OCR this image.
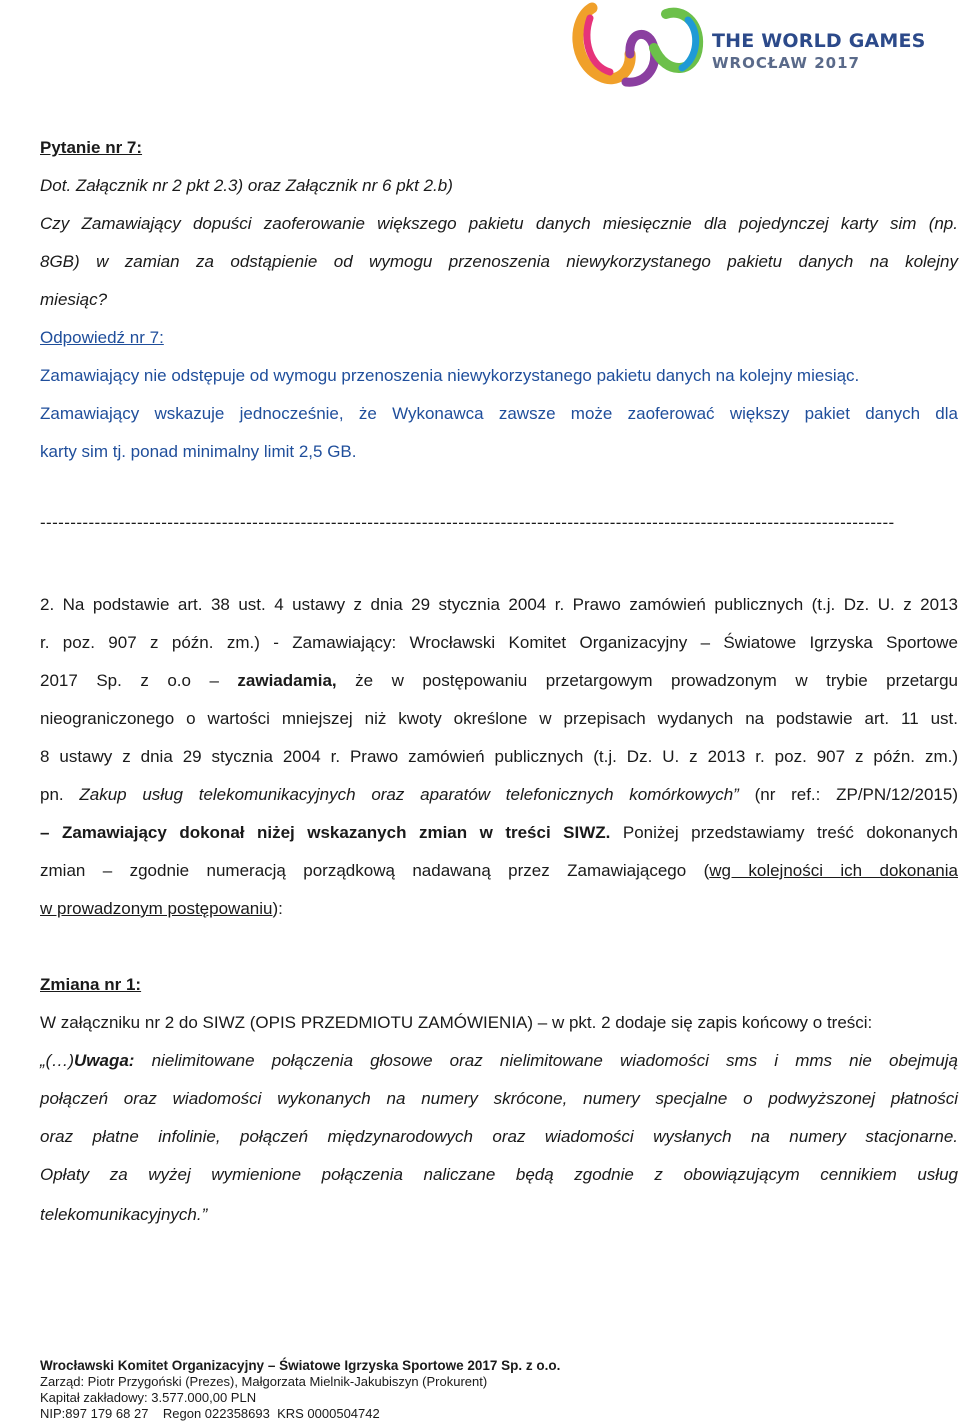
THE WORLD GAMES
WROCŁAW 2017
Pytanie nr 7:
Dot. Załącznik nr 2 pkt 2.3) oraz Załącznik nr 6 pkt 2.b)
Czy Zamawiający dopuści zaoferowanie większego pakietu danych miesięcznie dla pojedynczej karty sim (np.
8GB) w zamian za odstąpienie od wymogu przenoszenia niewykorzystanego pakietu danych na kolejny
miesiąc?
Odpowiedź nr 7:
Zamawiający nie odstępuje od wymogu przenoszenia niewykorzystanego pakietu danych na kolejny miesiąc.
Zamawiający wskazuje jednocześnie, że Wykonawca zawsze może zaoferować większy pakiet danych dla
karty sim tj. ponad minimalny limit 2,5 GB.
---------------------------------------------------------------------------------------------------------------------------------------------
2. Na podstawie art. 38 ust. 4 ustawy z dnia 29 stycznia 2004 r. Prawo zamówień publicznych (t.j. Dz. U. z 2013
r. poz. 907 z późn. zm.) - Zamawiający: Wrocławski Komitet Organizacyjny – Światowe Igrzyska Sportowe
2017 Sp. z o.o – zawiadamia, że w postępowaniu przetargowym prowadzonym w trybie przetargu
nieograniczonego o wartości mniejszej niż kwoty określone w przepisach wydanych na podstawie art. 11 ust.
8 ustawy z dnia 29 stycznia 2004 r. Prawo zamówień publicznych (t.j. Dz. U. z 2013 r. poz. 907 z późn. zm.)
pn. Zakup usług telekomunikacyjnych oraz aparatów telefonicznych komórkowych” (nr ref.: ZP/PN/12/2015)
– Zamawiający dokonał niżej wskazanych zmian w treści SIWZ. Poniżej przedstawiamy treść dokonanych
zmian – zgodnie numeracją porządkową nadawaną przez Zamawiającego (wg kolejności ich dokonania
w prowadzonym postępowaniu):
Zmiana nr 1:
W załączniku nr 2 do SIWZ (OPIS PRZEDMIOTU ZAMÓWIENIA) – w pkt. 2 dodaje się zapis końcowy o treści:
„(…)Uwaga: nielimitowane połączenia głosowe oraz nielimitowane wiadomości sms i mms nie obejmują
połączeń oraz wiadomości wykonanych na numery skrócone, numery specjalne o podwyższonej płatności
oraz płatne infolinie, połączeń międzynarodowych oraz wiadomości wysłanych na numery stacjonarne.
Opłaty za wyżej wymienione połączenia naliczane będą zgodnie z obowiązującym cennikiem usług
telekomunikacyjnych.”
Wrocławski Komitet Organizacyjny – Światowe Igrzyska Sportowe 2017 Sp. z o.o.
Zarząd: Piotr Przygoński (Prezes), Małgorzata Mielnik-Jakubiszyn (Prokurent)
Kapitał zakładowy: 3.577.000,00 PLN
NIP:897 179 68 27    Regon 022358693  KRS 0000504742
